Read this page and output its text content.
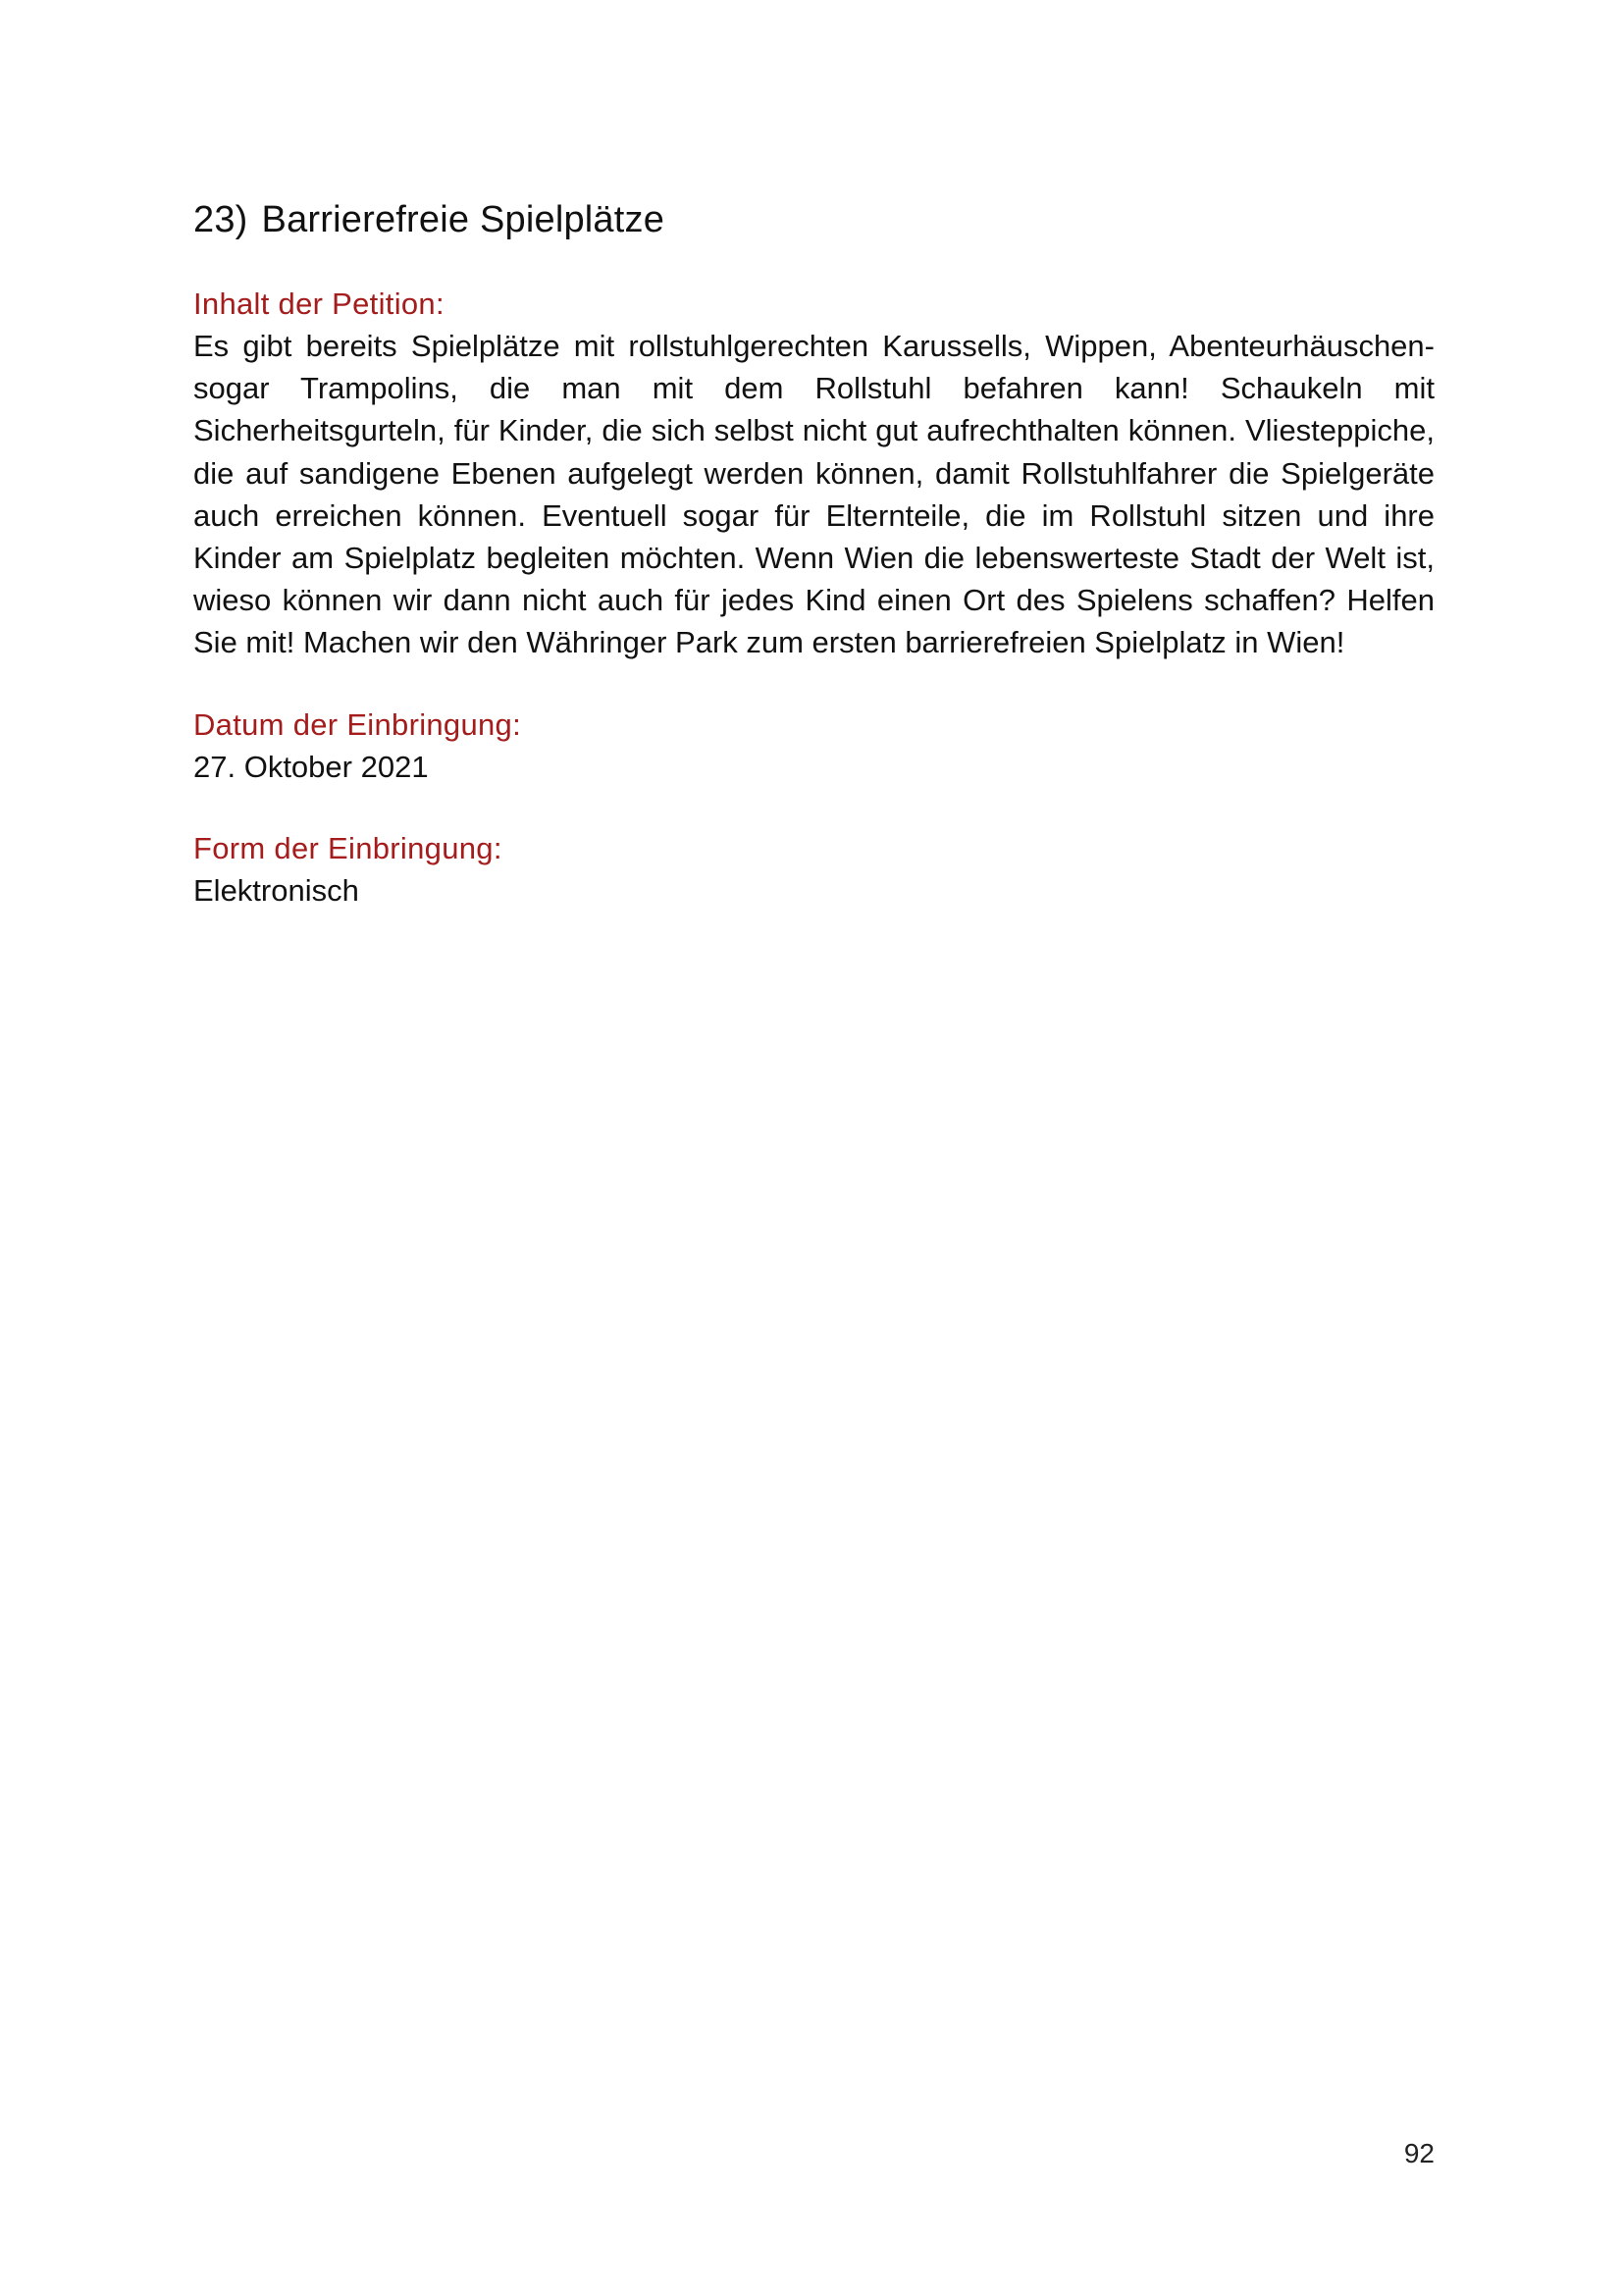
23) Barrierefreie Spielplätze

Inhalt der Petition:

Es gibt bereits Spielplätze mit rollstuhlgerechten Karussells, Wippen, Abenteurhäuschen-sogar Trampolins, die man mit dem Rollstuhl befahren kann! Schaukeln mit Sicherheitsgurteln, für Kinder, die sich selbst nicht gut aufrechthalten können. Vliesteppiche, die auf sandigene Ebenen aufgelegt werden können, damit Rollstuhlfahrer die Spielgeräte auch erreichen können. Eventuell sogar für Elternteile, die im Rollstuhl sitzen und ihre Kinder am Spielplatz begleiten möchten. Wenn Wien die lebenswerteste Stadt der Welt ist, wieso können wir dann nicht auch für jedes Kind einen Ort des Spielens schaffen? Helfen Sie mit! Machen wir den Währinger Park zum ersten barrierefreien Spielplatz in Wien!

Datum der Einbringung:

27. Oktober 2021

Form der Einbringung:

Elektronisch

92
